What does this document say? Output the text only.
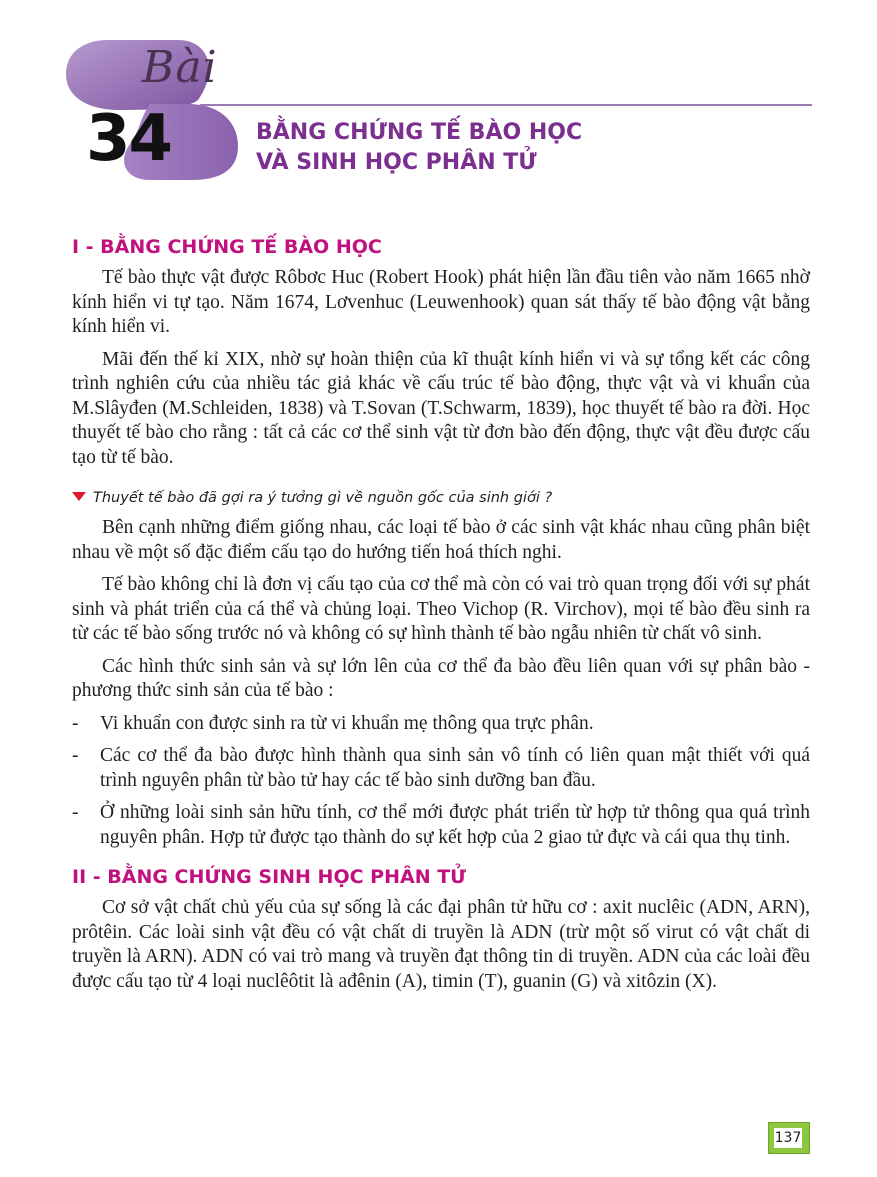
Bài
34	BẰNG CHỨNG TẾ BÀO HỌC
VÀ SINH HỌC PHÂN TỬ
I - BẰNG CHỨNG TẾ BÀO HỌC

Tế bào thực vật được Rôbơc Huc (Robert Hook) phát hiện lần đầu tiên vào năm 1665 nhờ kính hiển vi tự tạo. Năm 1674, Lơvenhuc (Leuwenhook) quan sát thấy tế bào động vật bằng kính hiển vi.

Mãi đến thế kỉ XIX, nhờ sự hoàn thiện của kĩ thuật kính hiển vi và sự tổng kết các công trình nghiên cứu của nhiều tác giả khác về cấu trúc tế bào động, thực vật và vi khuẩn của M.Slâyđen (M.Schleiden, 1838) và T.Sovan (T.Schwarm, 1839), học thuyết tế bào ra đời. Học thuyết tế bào cho rằng : tất cả các cơ thể sinh vật từ đơn bào đến động, thực vật đều được cấu tạo từ tế bào.

Thuyết tế bào đã gợi ra ý tưởng gì về nguồn gốc của sinh giới ?

Bên cạnh những điểm giống nhau, các loại tế bào ở các sinh vật khác nhau cũng phân biệt nhau về một số đặc điểm cấu tạo do hướng tiến hoá thích nghi.

Tế bào không chỉ là đơn vị cấu tạo của cơ thể mà còn có vai trò quan trọng đối với sự phát sinh và phát triển của cá thể và chủng loại. Theo Vichop (R. Virchov), mọi tế bào đều sinh ra từ các tế bào sống trước nó và không có sự hình thành tế bào ngẫu nhiên từ chất vô sinh.

Các hình thức sinh sản và sự lớn lên của cơ thể đa bào đều liên quan với sự phân bào - phương thức sinh sản của tế bào :

- Vi khuẩn con được sinh ra từ vi khuẩn mẹ thông qua trực phân.
- Các cơ thể đa bào được hình thành qua sinh sản vô tính có liên quan mật thiết với quá trình nguyên phân từ bào tử hay các tế bào sinh dưỡng ban đầu.
- Ở những loài sinh sản hữu tính, cơ thể mới được phát triển từ hợp tử thông qua quá trình nguyên phân. Hợp tử được tạo thành do sự kết hợp của 2 giao tử đực và cái qua thụ tinh.
II - BẰNG CHỨNG SINH HỌC PHÂN TỬ

Cơ sở vật chất chủ yếu của sự sống là các đại phân tử hữu cơ : axit nuclêic (ADN, ARN), prôtêin. Các loài sinh vật đều có vật chất di truyền là ADN (trừ một số virut có vật chất di truyền là ARN). ADN có vai trò mang và truyền đạt thông tin di truyền. ADN của các loài đều được cấu tạo từ 4 loại nuclêôtit là ađênin (A), timin (T), guanin (G) và xitôzin (X).

137
